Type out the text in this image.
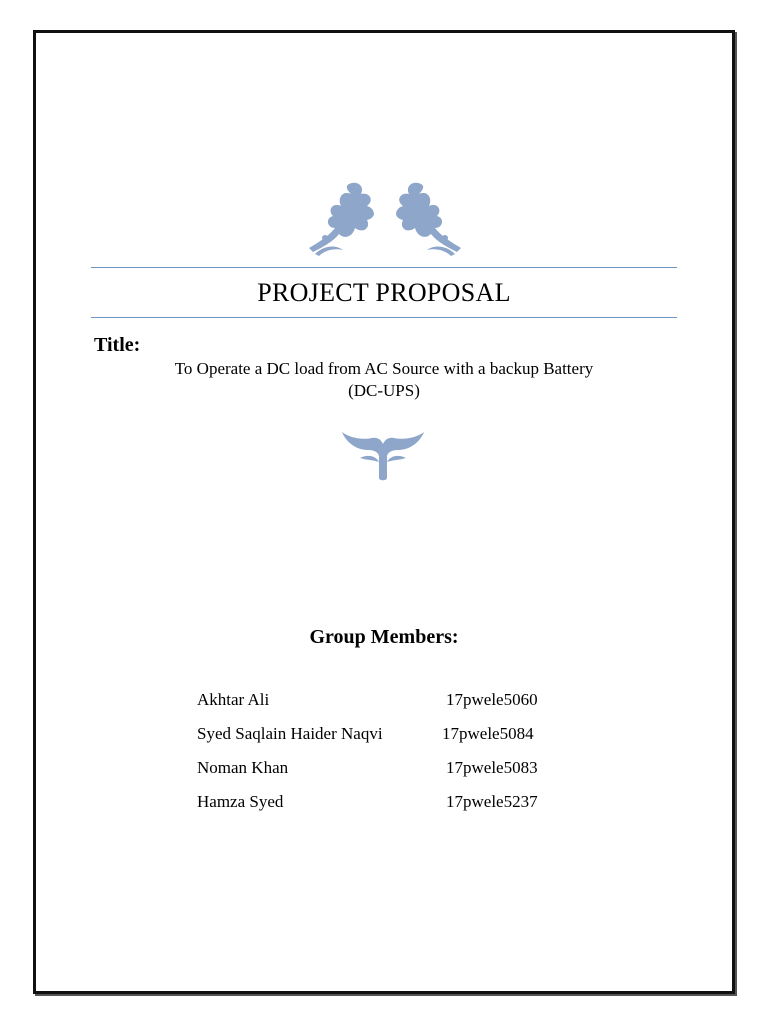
PROJECT PROPOSAL
Title:
To Operate a DC load from AC Source with a backup Battery
(DC-UPS)
Group Members:
Akhtar Ali	17pwele5060
Syed Saqlain Haider Naqvi	17pwele5084
Noman Khan	17pwele5083
Hamza Syed	17pwele5237
